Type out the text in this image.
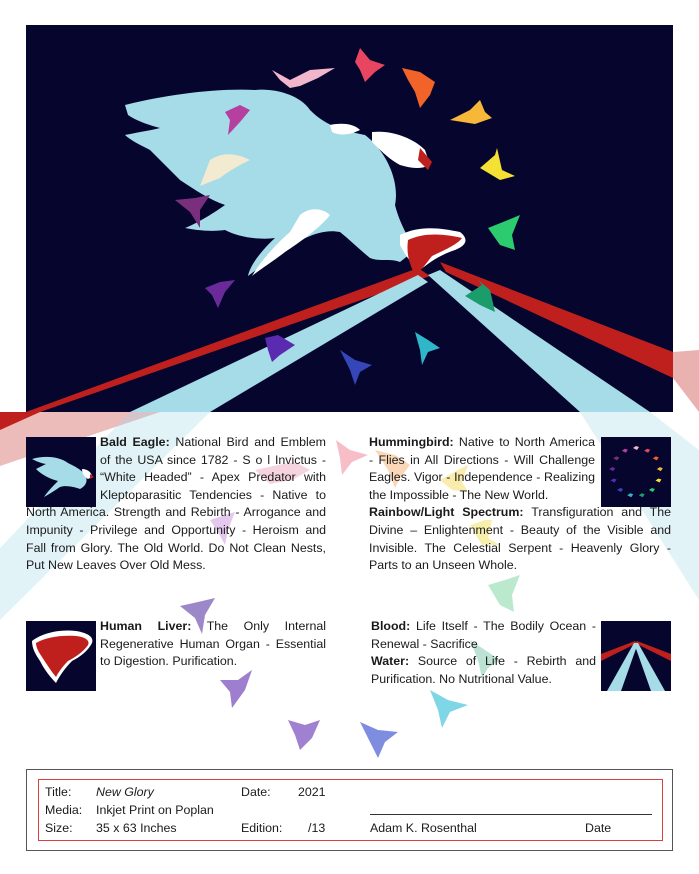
Bald Eagle: National Bird and Emblem of the USA since 1782 - S o l Invictus - “White Headed” - Apex Predator with Kleptoparasitic Tendencies - Native to North America. Strength and Rebirth - Arrogance and Impunity - Privilege and Opportunity - Heroism and Fall from Glory. The Old World. Do Not Clean Nests, Put New Leaves Over Old Mess.
Hummingbird: Native to North America - Flies in All Directions - Will Challenge Eagles. Vigor - Independence - Realizing the Impossible - The New World.
Rainbow/Light Spectrum: Transfiguration and The Divine – Enlightenment - Beauty of the Visible and Invisible. The Celestial Serpent - Heavenly Glory - Parts to an Unseen Whole.
Human Liver: The Only Internal Regenerative Human Organ - Essential to Digestion. Purification.
Blood: Life Itself - The Bodily Ocean - Renewal - Sacrifice
Water: Source of Life - Rebirth and Purification. No Nutritional Value.
Title: New Glory
Media: Inkjet Print on Poplan
Size: 35 x 63 Inches
Date: 2021
Edition: /13	Adam K. Rosenthal	Date
